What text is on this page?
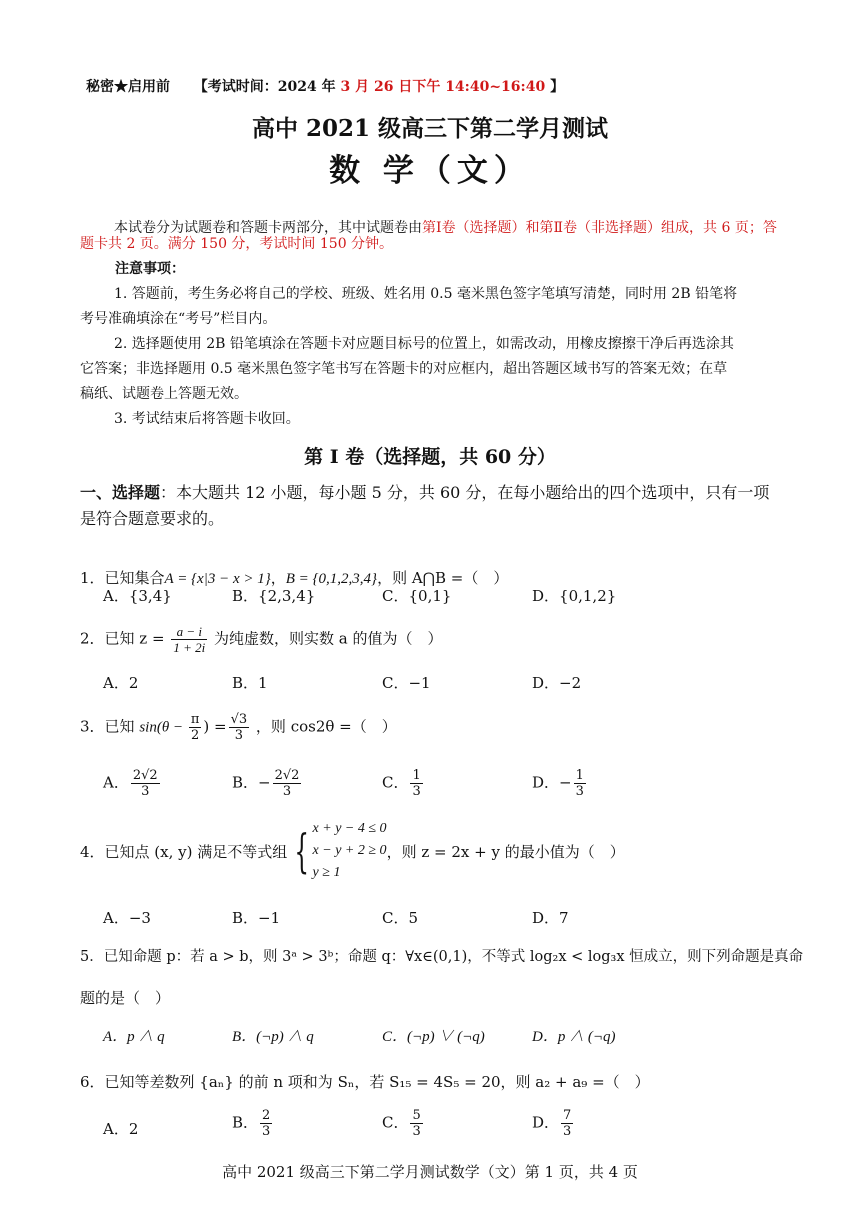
秘密★启用前 【考试时间：2024 年 3 月 26 日下午 14:40~16:40 】
高中 2021 级高三下第二学月测试
数 学（文）
本试卷分为试题卷和答题卡两部分，其中试题卷由第Ⅰ卷（选择题）和第Ⅱ卷（非选择题）组成，共 6 页；答题卡共 2 页。满分 150 分，考试时间 150 分钟。
注意事项：
1. 答题前，考生务必将自己的学校、班级、姓名用 0.5 毫米黑色签字笔填写清楚，同时用 2B 铅笔将
考号准确填涂在“考号”栏目内。
2. 选择题使用 2B 铅笔填涂在答题卡对应题目标号的位置上，如需改动，用橡皮擦擦干净后再选涂其
它答案；非选择题用 0.5 毫米黑色签字笔书写在答题卡的对应框内，超出答题区域书写的答案无效；在草
稿纸、试题卷上答题无效。
3. 考试结束后将答题卡收回。
第 Ⅰ 卷（选择题，共 60 分）
一、选择题：本大题共 12 小题，每小题 5 分，共 60 分，在每小题给出的四个选项中，只有一项
是符合题意要求的。
1．已知集合A = {x|3 − x > 1}，B = {0,1,2,3,4}，则 A⋂B =（　）
A．{3,4}	B．{2,3,4}	C．{0,1}	D．{0,1,2}
2．已知 $z = \frac{a - i}{1 + 2i}$ 为纯虚数，则实数 a 的值为（　）
A．2	B．1	C．−1	D．−2
3．已知 $\sin(\theta - \frac{\pi}{2}$ ) = $\frac{√3}{3}$ ，则 cos2θ =（　）
A． $\frac{2√2}{3}$	B．− $\frac{2√2}{3}$	C． $\frac{1}{3}$	D．− $\frac{1}{3}$
4．已知点 (x, y) 满足不等式组 { x + y − 4 ≤ 0
x − y + 2 ≥ 0
y ≥ 1
，则 z = 2x + y 的最小值为（　）
A．−3	B．−1	C．5	D．7
5．已知命题 p：若 a > b，则 3ᵃ > 3ᵇ；命题 q：∀x∈(0,1)，不等式 log₂x < log₃x 恒成立，则下列命题是真命
题的是（　）
A．p ∧ q	B．(¬p) ∧ q	C．(¬p) ∨ (¬q)	D．p ∧ (¬q)
6．已知等差数列 {aₙ} 的前 n 项和为 Sₙ，若 S₁₅ = 4S₅ = 20，则 a₂ + a₉ =（　）
A．2	B． $\frac{2}{3}$	C． $\frac{5}{3}$	D． $\frac{7}{3}$
高中 2021 级高三下第二学月测试数学（文）第 1 页，共 4 页
